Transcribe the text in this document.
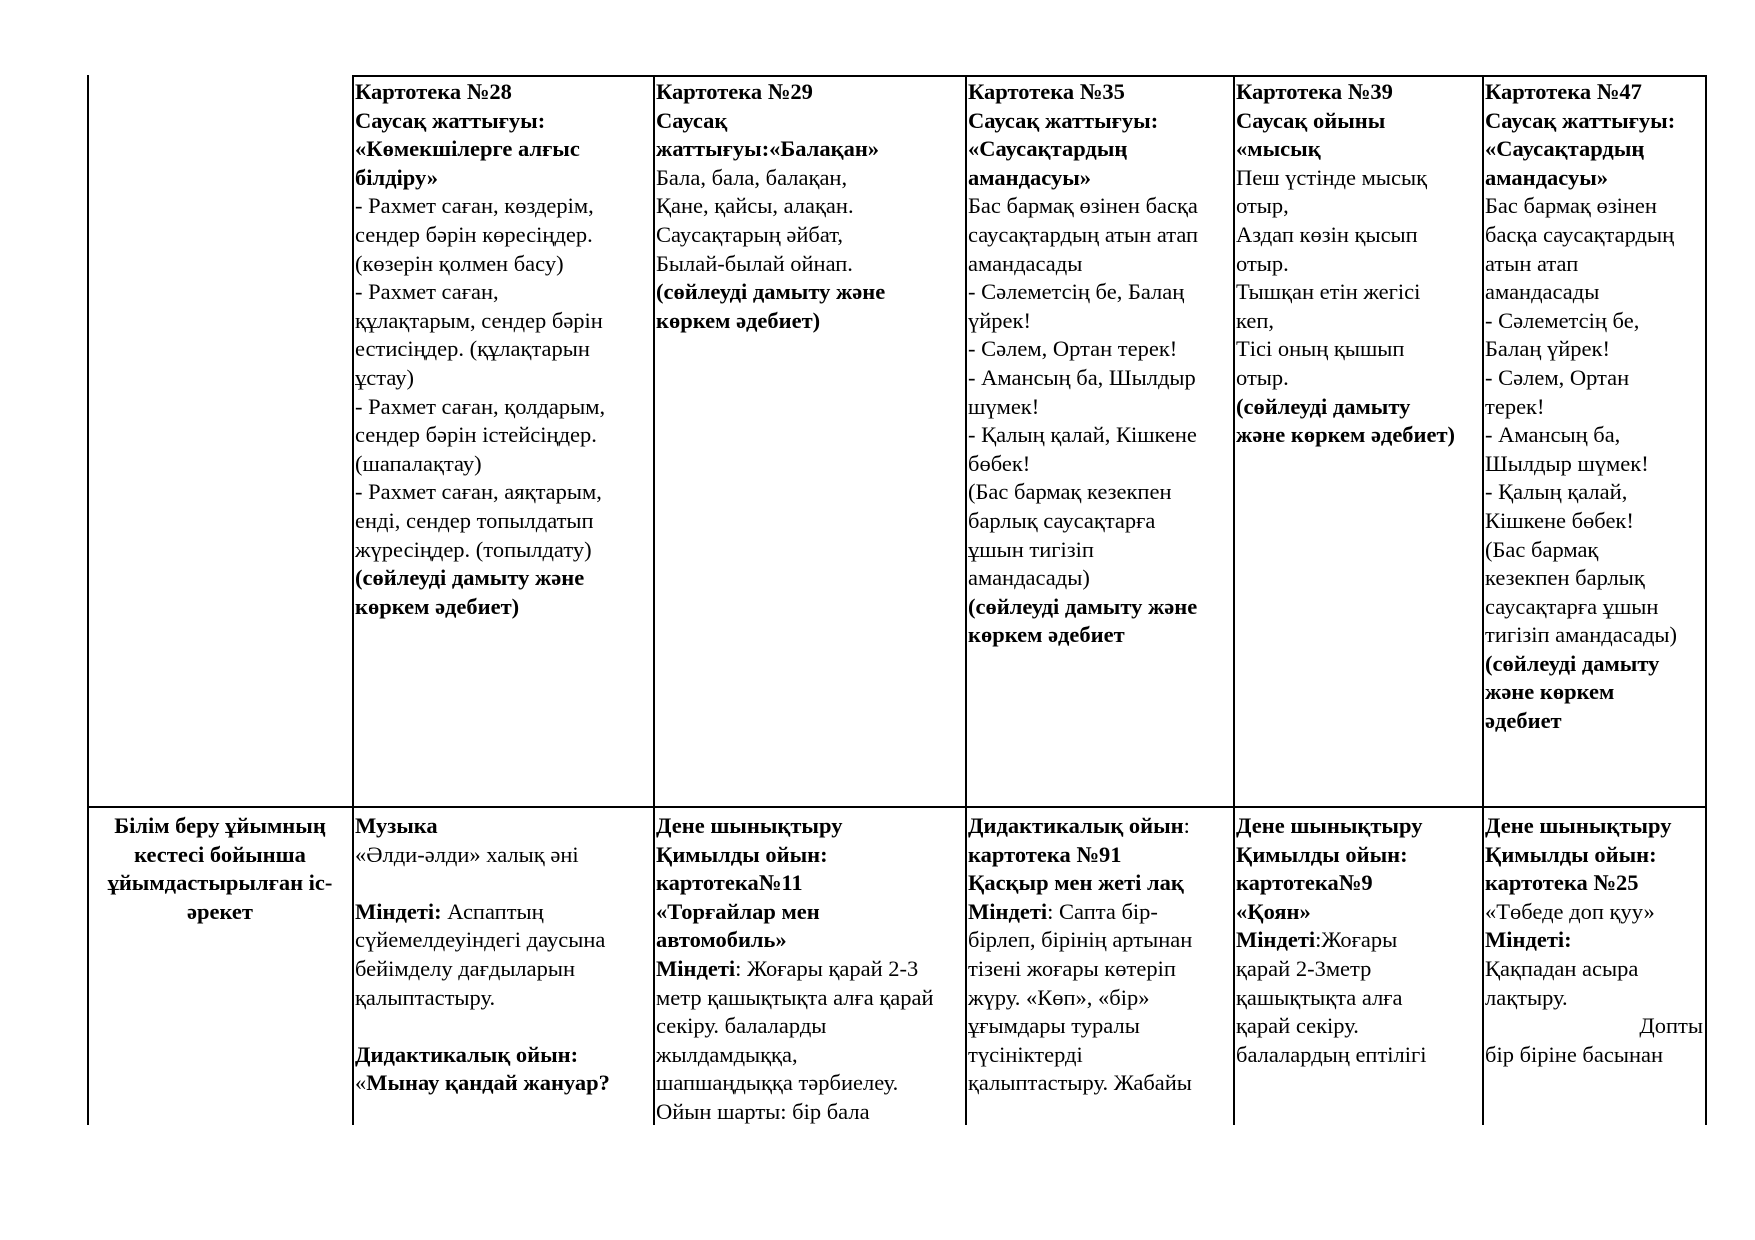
Картотека №28
Саусақ жаттығуы:
«Көмекшілерге алғыс
білдіру»
- Рахмет саған, көздерім,
сендер бәрін көресіңдер.
(көзерін қолмен басу)
- Рахмет саған,
құлақтарым, сендер бәрін
естисіңдер. (құлақтарын
ұстау)
- Рахмет саған, қолдарым,
сендер бәрін істейсіңдер.
(шапалақтау)
- Рахмет саған, аяқтарым,
енді, сендер топылдатып
жүресіңдер. (топылдату)
(сөйлеуді дамыту және
көркем әдебиет)
Картотека №29
Саусақ
жаттығуы:«Балақан»
Бала, бала, балақан,
Қане, қайсы, алақан.
Саусақтарың әйбат,
Былай-былай ойнап.
(сөйлеуді дамыту және
көркем әдебиет)
Картотека №35
Саусақ жаттығуы:
«Саусақтардың
амандасуы»
Бас бармақ өзінен басқа
саусақтардың атын атап
амандасады
- Сәлеметсің бе, Балаң
үйрек!
- Сәлем, Ортан терек!
- Амансың ба, Шылдыр
шүмек!
- Қалың қалай, Кішкене
бөбек!
(Бас бармақ кезекпен
барлық саусақтарға
ұшын тигізіп
амандасады)
(сөйлеуді дамыту және
көркем әдебиет
Картотека №39
Саусақ ойыны
«мысық
Пеш үстінде мысық
отыр,
Аздап көзін қысып
отыр.
Тышқан етін жегісі
кеп,
Тісі оның қышып
отыр.
(сөйлеуді дамыту
және көркем әдебиет)
Картотека №47
Саусақ жаттығуы:
«Саусақтардың
амандасуы»
Бас бармақ өзінен
басқа саусақтардың
атын атап
амандасады
- Сәлеметсің бе,
Балаң үйрек!
- Сәлем, Ортан
терек!
- Амансың ба,
Шылдыр шүмек!
- Қалың қалай,
Кішкене бөбек!
(Бас бармақ
кезекпен барлық
саусақтарға ұшын
тигізіп амандасады)
(сөйлеуді дамыту
және көркем
әдебиет
Білім беру ұйымның
кестесі бойынша
ұйымдастырылған іс-
әрекет
Музыка
«Әлди-әлди» халық әні

Міндеті: Аспаптың
сүйемелдеуіндегі даусына
бейімделу дағдыларын
қалыптастыру.

Дидактикалық ойын:
«Мынау қандай жануар?
Дене шынықтыру
Қимылды ойын:
картотека№11
«Торғайлар мен
автомобиль»
Міндеті: Жоғары қарай 2-3
метр қашықтықта алға қарай
секіру. балаларды
жылдамдыққа,
шапшаңдыққа тәрбиелеу.
Ойын шарты: бір бала
Дидактикалық ойын:
картотека №91
Қасқыр мен жеті лақ
Міндеті: Сапта бір-
бірлеп, бірінің артынан
тізені жоғары көтеріп
жүру. «Көп», «бір»
ұғымдары туралы
түсініктерді
қалыптастыру. Жабайы
Дене шынықтыру
Қимылды ойын:
картотека№9
«Қоян»
Міндеті:Жоғары
қарай 2-3метр
қашықтықта алға
қарай секіру.
балалардың ептілігі
Дене шынықтыру
Қимылды ойын:
картотека №25
«Төбеде доп қуу»
Міндеті:
Қақпадан асыра
лақтыру.
Допты
бір біріне басынан
